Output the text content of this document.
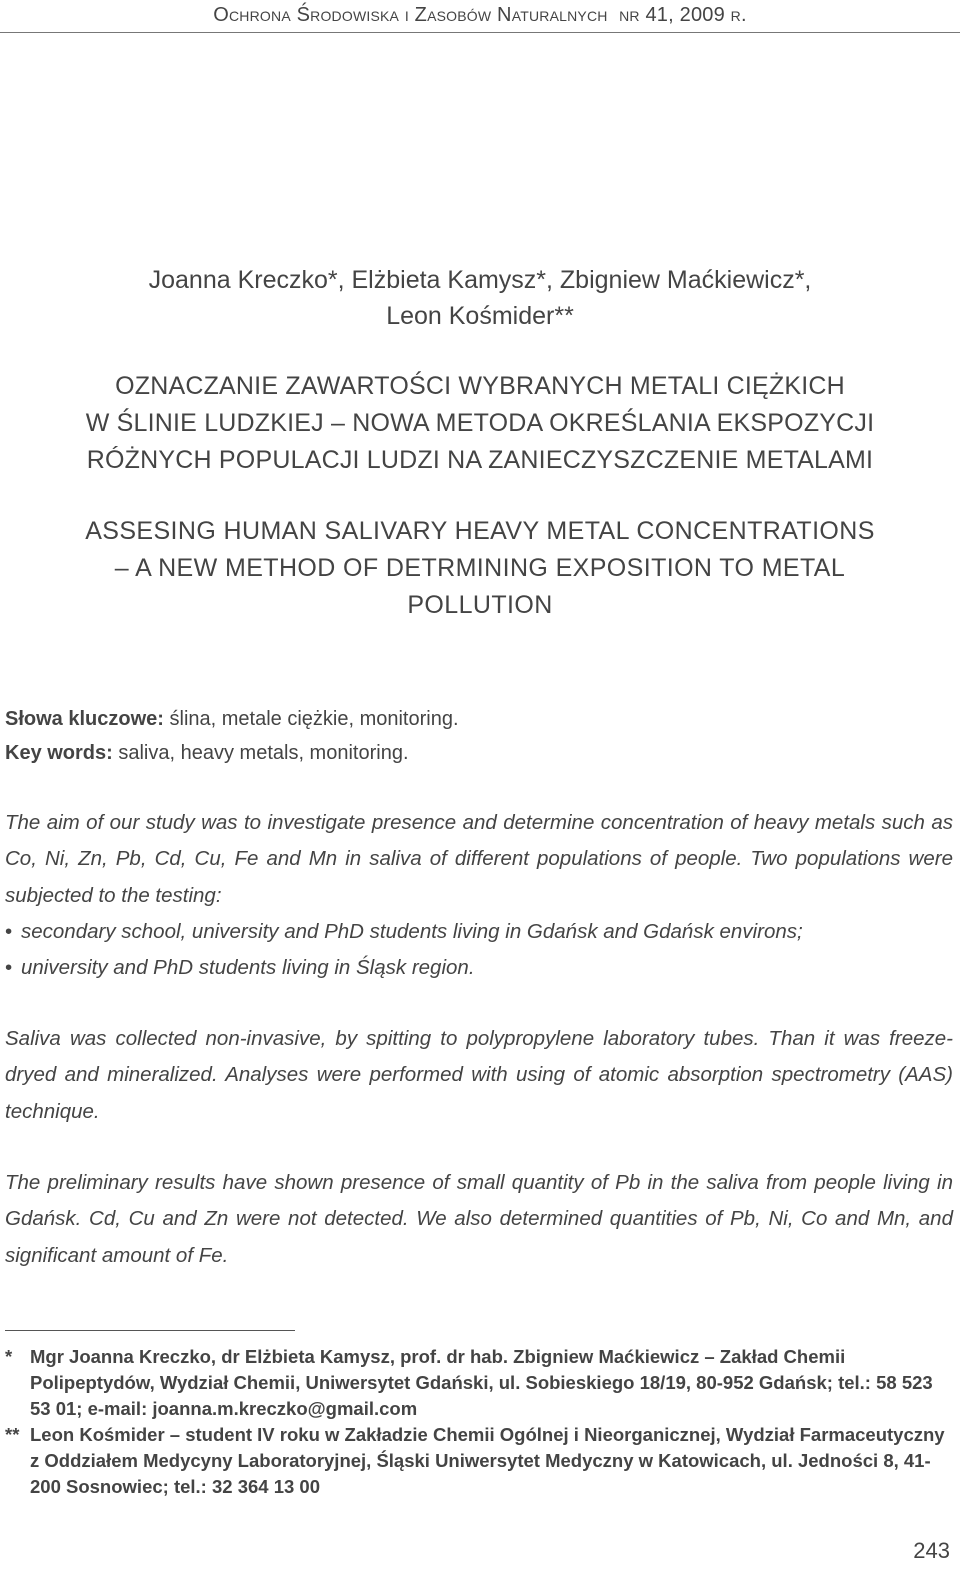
Ochrona Środowiska i Zasobów Naturalnych nr 41, 2009 r.
Joanna Kreczko*, Elżbieta Kamysz*, Zbigniew Maćkiewicz*,
Leon Kośmider**
OZNACZANIE ZAWARTOŚCI WYBRANYCH METALI CIĘŻKICH
W ŚLINIE LUDZKIEJ – NOWA METODA OKREŚLANIA EKSPOZYCJI
RÓŻNYCH POPULACJI LUDZI NA ZANIECZYSZCZENIE METALAMI
ASSESING HUMAN SALIVARY HEAVY METAL CONCENTRATIONS
– A NEW METHOD OF DETRMINING EXPOSITION TO METAL
POLLUTION
Słowa kluczowe: ślina, metale ciężkie, monitoring.
Key words: saliva, heavy metals, monitoring.

The aim of our study was to investigate presence and determine concentration of heavy metals such as Co, Ni, Zn, Pb, Cd, Cu, Fe and Mn in saliva of different populations of people. Two populations were subjected to the testing:

• secondary school, university and PhD students living in Gdańsk and Gdańsk environs;
• university and PhD students living in Śląsk region.

Saliva was collected non-invasive, by spitting to polypropylene laboratory tubes. Than it was freeze-dryed and mineralized. Analyses were performed with using of atomic absorption spectrometry (AAS) technique.

The preliminary results have shown presence of small quantity of Pb in the saliva from people living in Gdańsk. Cd, Cu and Zn were not detected. We also determined quantities of Pb, Ni, Co and Mn, and significant amount of Fe.

* Mgr Joanna Kreczko, dr Elżbieta Kamysz, prof. dr hab. Zbigniew Maćkiewicz – Zakład Chemii Polipeptydów, Wydział Chemii, Uniwersytet Gdański, ul. Sobieskiego 18/19, 80-952 Gdańsk; tel.: 58 523 53 01; e-mail: joanna.m.kreczko@gmail.com
** Leon Kośmider – student IV roku w Zakładzie Chemii Ogólnej i Nieorganicznej, Wydział Farmaceutyczny z Oddziałem Medycyny Laboratoryjnej, Śląski Uniwersytet Medyczny w Katowicach, ul. Jedności 8, 41-200 Sosnowiec; tel.: 32 364 13 00
243
